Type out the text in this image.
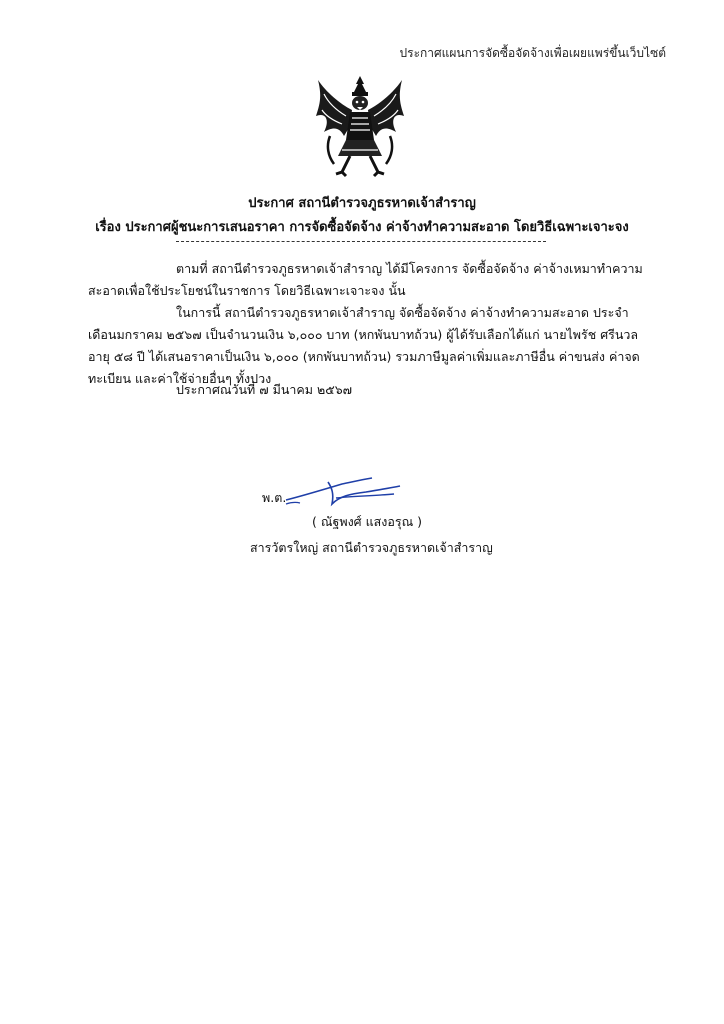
ประกาศแผนการจัดซื้อจัดจ้างเพื่อเผยแพร่ขึ้นเว็บไซต์
ประกาศ สถานีตำรวจภูธรหาดเจ้าสำราญ
เรื่อง ประกาศผู้ชนะการเสนอราคา การจัดซื้อจัดจ้าง ค่าจ้างทำความสะอาด โดยวิธีเฉพาะเจาะจง

ตามที่ สถานีตำรวจภูธรหาดเจ้าสำราญ ได้มีโครงการ จัดซื้อจัดจ้าง ค่าจ้างเหมาทำความสะอาดเพื่อใช้ประโยชน์ในราชการ โดยวิธีเฉพาะเจาะจง นั้น

ในการนี้ สถานีตำรวจภูธรหาดเจ้าสำราญ จัดซื้อจัดจ้าง ค่าจ้างทำความสะอาด ประจำเดือนมกราคม ๒๕๖๗ เป็นจำนวนเงิน ๖,๐๐๐ บาท (หกพันบาทถ้วน) ผู้ได้รับเลือกได้แก่ นายไพรัช ศรีนวล อายุ ๕๘ ปี ได้เสนอราคาเป็นเงิน ๖,๐๐๐ (หกพันบาทถ้วน) รวมภาษีมูลค่าเพิ่มและภาษีอื่น ค่าขนส่ง ค่าจดทะเบียน และค่าใช้จ่ายอื่นๆ ทั้งปวง

ประกาศณวันที่ ๗ มีนาคม ๒๕๖๗
พ.ต.
( ณัฐพงศ์ แสงอรุณ )
สารวัตรใหญ่ สถานีตำรวจภูธรหาดเจ้าสำราญ
